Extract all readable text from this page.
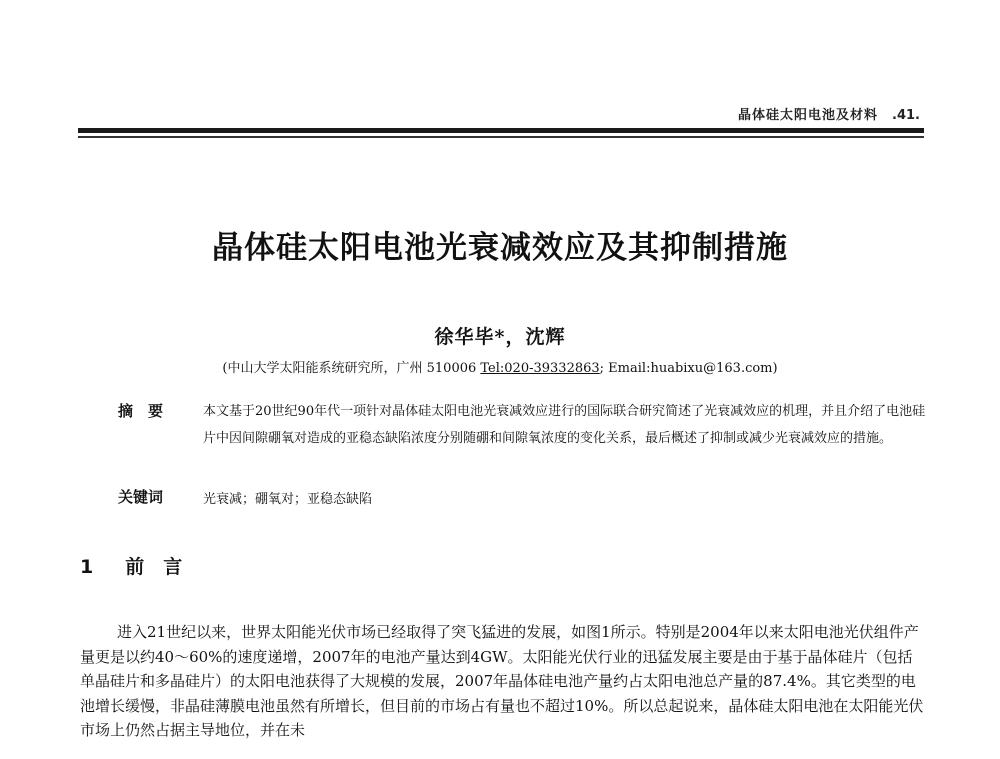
晶体硅太阳电池及材料 .41.
晶体硅太阳电池光衰减效应及其抑制措施
徐华毕*，沈辉
(中山大学太阳能系统研究所，广州 510006 Tel:020-39332863; Email:huabixu@163.com)
摘　要	本文基于20世纪90年代一项针对晶体硅太阳电池光衰减效应进行的国际联合研究简述了光衰减效应的机理，并且介绍了电池硅片中因间隙硼氧对造成的亚稳态缺陷浓度分别随硼和间隙氧浓度的变化关系，最后概述了抑制或减少光衰减效应的措施。
关键词	光衰减；硼氧对；亚稳态缺陷
1 前　言

进入21世纪以来，世界太阳能光伏市场已经取得了突飞猛进的发展，如图1所示。特别是2004年以来太阳电池光伏组件产量更是以约40～60%的速度递增，2007年的电池产量达到4GW。太阳能光伏行业的迅猛发展主要是由于基于晶体硅片（包括单晶硅片和多晶硅片）的太阳电池获得了大规模的发展，2007年晶体硅电池产量约占太阳电池总产量的87.4%。其它类型的电池增长缓慢，非晶硅薄膜电池虽然有所增长，但目前的市场占有量也不超过10%。所以总起说来，晶体硅太阳电池在太阳能光伏市场上仍然占据主导地位，并在未
